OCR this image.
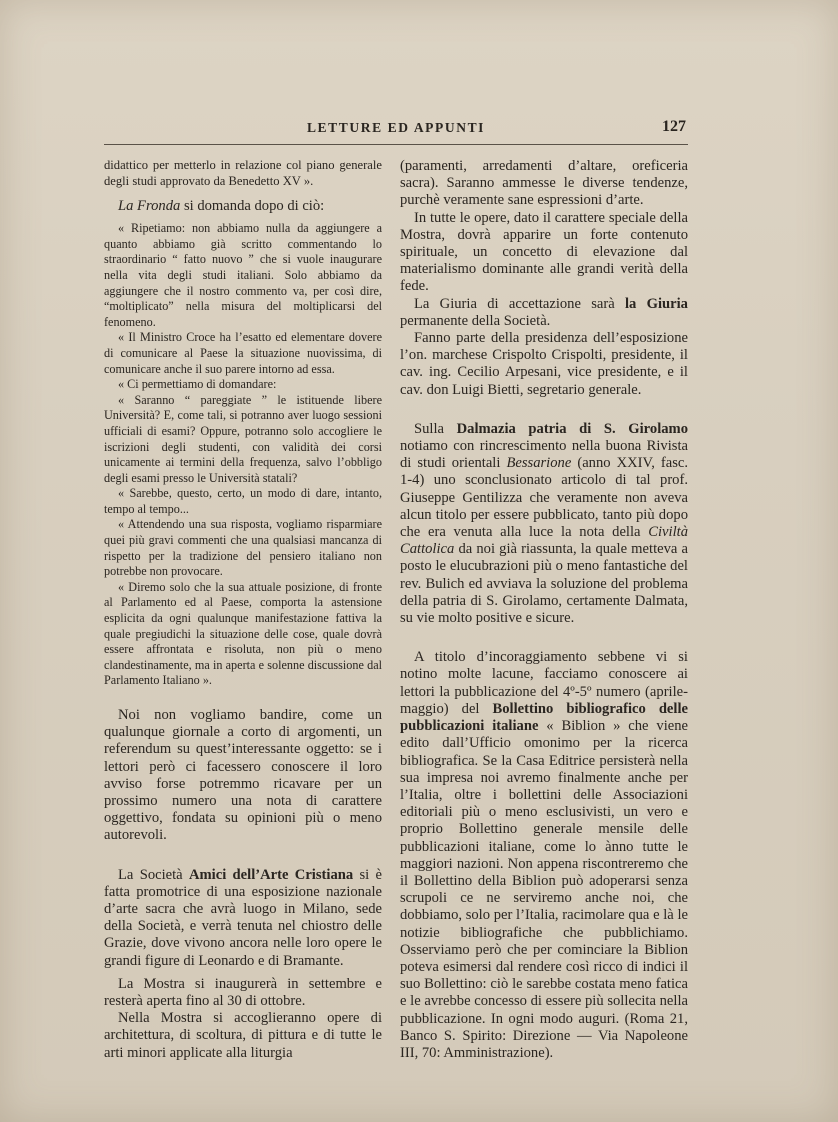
LETTURE ED APPUNTI	127

didattico per metterlo in relazione col piano generale degli studi approvato da Benedetto XV ».

La Fronda si domanda dopo di ciò:

« Ripetiamo: non abbiamo nulla da aggiungere a quanto abbiamo già scritto commentando lo straordinario “ fatto nuovo ” che si vuole inaugurare nella vita degli studi italiani. Solo abbiamo da aggiungere che il nostro commento va, per così dire, “moltiplicato” nella misura del moltiplicarsi del fenomeno.

« Il Ministro Croce ha l’esatto ed elementare dovere di comunicare al Paese la situazione nuovissima, di comunicare anche il suo parere intorno ad essa.

« Ci permettiamo di domandare:

« Saranno “ pareggiate ” le istituende libere Università? E, come tali, si potranno aver luogo sessioni ufficiali di esami? Oppure, potranno solo accogliere le iscrizioni degli studenti, con validità dei corsi unicamente ai termini della frequenza, salvo l’obbligo degli esami presso le Università statali?

« Sarebbe, questo, certo, un modo di dare, intanto, tempo al tempo...

« Attendendo una sua risposta, vogliamo risparmiare quei più gravi commenti che una qualsiasi mancanza di rispetto per la tradizione del pensiero italiano non potrebbe non provocare.

« Diremo solo che la sua attuale posizione, di fronte al Parlamento ed al Paese, comporta la astensione esplicita da ogni qualunque manifestazione fattiva la quale pregiudichi la situazione delle cose, quale dovrà essere affrontata e risoluta, non più o meno clandestinamente, ma in aperta e solenne discussione dal Parlamento Italiano ».

Noi non vogliamo bandire, come un qualunque giornale a corto di argomenti, un referendum su quest’interessante oggetto: se i lettori però ci facessero conoscere il loro avviso forse potremmo ricavare per un prossimo numero una nota di carattere oggettivo, fondata su opinioni più o meno autorevoli.

La Società Amici dell’Arte Cristiana si è fatta promotrice di una esposizione nazionale d’arte sacra che avrà luogo in Milano, sede della Società, e verrà tenuta nel chiostro delle Grazie, dove vivono ancora nelle loro opere le grandi figure di Leonardo e di Bramante.

La Mostra si inaugurerà in settembre e resterà aperta fino al 30 di ottobre.

Nella Mostra si accoglieranno opere di architettura, di scoltura, di pittura e di tutte le arti minori applicate alla liturgia

(paramenti, arredamenti d’altare, oreficeria sacra). Saranno ammesse le diverse tendenze, purchè veramente sane espressioni d’arte.

In tutte le opere, dato il carattere speciale della Mostra, dovrà apparire un forte contenuto spirituale, un concetto di elevazione dal materialismo dominante alle grandi verità della fede.

La Giuria di accettazione sarà la Giuria permanente della Società.

Fanno parte della presidenza dell’esposizione l’on. marchese Crispolto Crispolti, presidente, il cav. ing. Cecilio Arpesani, vice presidente, e il cav. don Luigi Bietti, segretario generale.

Sulla Dalmazia patria di S. Girolamo notiamo con rincrescimento nella buona Rivista di studi orientali Bessarione (anno XXIV, fasc. 1-4) uno sconclusionato articolo di tal prof. Giuseppe Gentilizza che veramente non aveva alcun titolo per essere pubblicato, tanto più dopo che era venuta alla luce la nota della Civiltà Cattolica da noi già riassunta, la quale metteva a posto le elucubrazioni più o meno fantastiche del rev. Bulich ed avviava la soluzione del problema della patria di S. Girolamo, certamente Dalmata, su vie molto positive e sicure.

A titolo d’incoraggiamento sebbene vi si notino molte lacune, facciamo conoscere ai lettori la pubblicazione del 4º-5º numero (aprile-maggio) del Bollettino bibliografico delle pubblicazioni italiane « Biblion » che viene edito dall’Ufficio omonimo per la ricerca bibliografica. Se la Casa Editrice persisterà nella sua impresa noi avremo finalmente anche per l’Italia, oltre i bollettini delle Associazioni editoriali più o meno esclusivisti, un vero e proprio Bollettino generale mensile delle pubblicazioni italiane, come lo ànno tutte le maggiori nazioni. Non appena riscontreremo che il Bollettino della Biblion può adoperarsi senza scrupoli ce ne serviremo anche noi, che dobbiamo, solo per l’Italia, racimolare qua e là le notizie bibliografiche che pubblichiamo. Osserviamo però che per cominciare la Biblion poteva esimersi dal rendere così ricco di indici il suo Bollettino: ciò le sarebbe costata meno fatica e le avrebbe concesso di essere più sollecita nella pubblicazione. In ogni modo auguri. (Roma 21, Banco S. Spirito: Direzione — Via Napoleone III, 70: Amministrazione).
